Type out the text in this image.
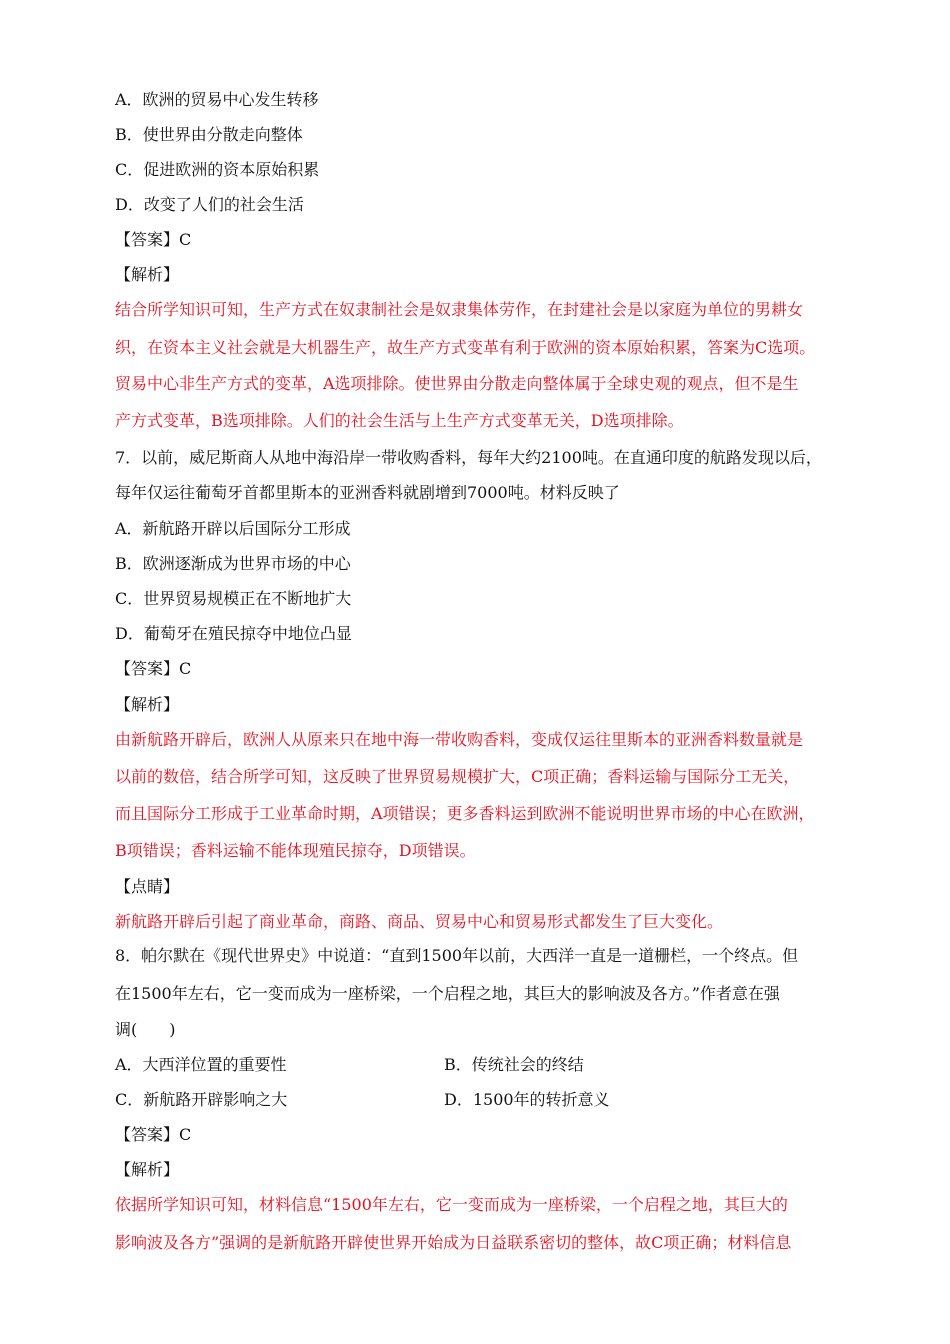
A．欧洲的贸易中心发生转移
B．使世界由分散走向整体
C．促进欧洲的资本原始积累
D．改变了人们的社会生活
【答案】C
【解析】
结合所学知识可知，生产方式在奴隶制社会是奴隶集体劳作，在封建社会是以家庭为单位的男耕女
织，在资本主义社会就是大机器生产，故生产方式变革有利于欧洲的资本原始积累，答案为C选项。
贸易中心非生产方式的变革，A选项排除。使世界由分散走向整体属于全球史观的观点，但不是生
产方式变革，B选项排除。人们的社会生活与上生产方式变革无关，D选项排除。
7．以前，威尼斯商人从地中海沿岸一带收购香料，每年大约2100吨。在直通印度的航路发现以后，
每年仅运往葡萄牙首都里斯本的亚洲香料就剧增到7000吨。材料反映了
A．新航路开辟以后国际分工形成
B．欧洲逐渐成为世界市场的中心
C．世界贸易规模正在不断地扩大
D．葡萄牙在殖民掠夺中地位凸显
【答案】C
【解析】
由新航路开辟后，欧洲人从原来只在地中海一带收购香料，变成仅运往里斯本的亚洲香料数量就是
以前的数倍，结合所学可知，这反映了世界贸易规模扩大，C项正确；香料运输与国际分工无关，
而且国际分工形成于工业革命时期，A项错误；更多香料运到欧洲不能说明世界市场的中心在欧洲，
B项错误；香料运输不能体现殖民掠夺，D项错误。
【点睛】
新航路开辟后引起了商业革命，商路、商品、贸易中心和贸易形式都发生了巨大变化。
8．帕尔默在《现代世界史》中说道：“直到1500年以前，大西洋一直是一道栅栏，一个终点。但
在1500年左右，它一变而成为一座桥梁，一个启程之地，其巨大的影响波及各方。”作者意在强
调(　　)
A．大西洋位置的重要性	B．传统社会的终结
C．新航路开辟影响之大	D．1500年的转折意义
【答案】C
【解析】
依据所学知识可知，材料信息“1500年左右，它一变而成为一座桥梁，一个启程之地，其巨大的
影响波及各方”强调的是新航路开辟使世界开始成为日益联系密切的整体，故C项正确；材料信息
